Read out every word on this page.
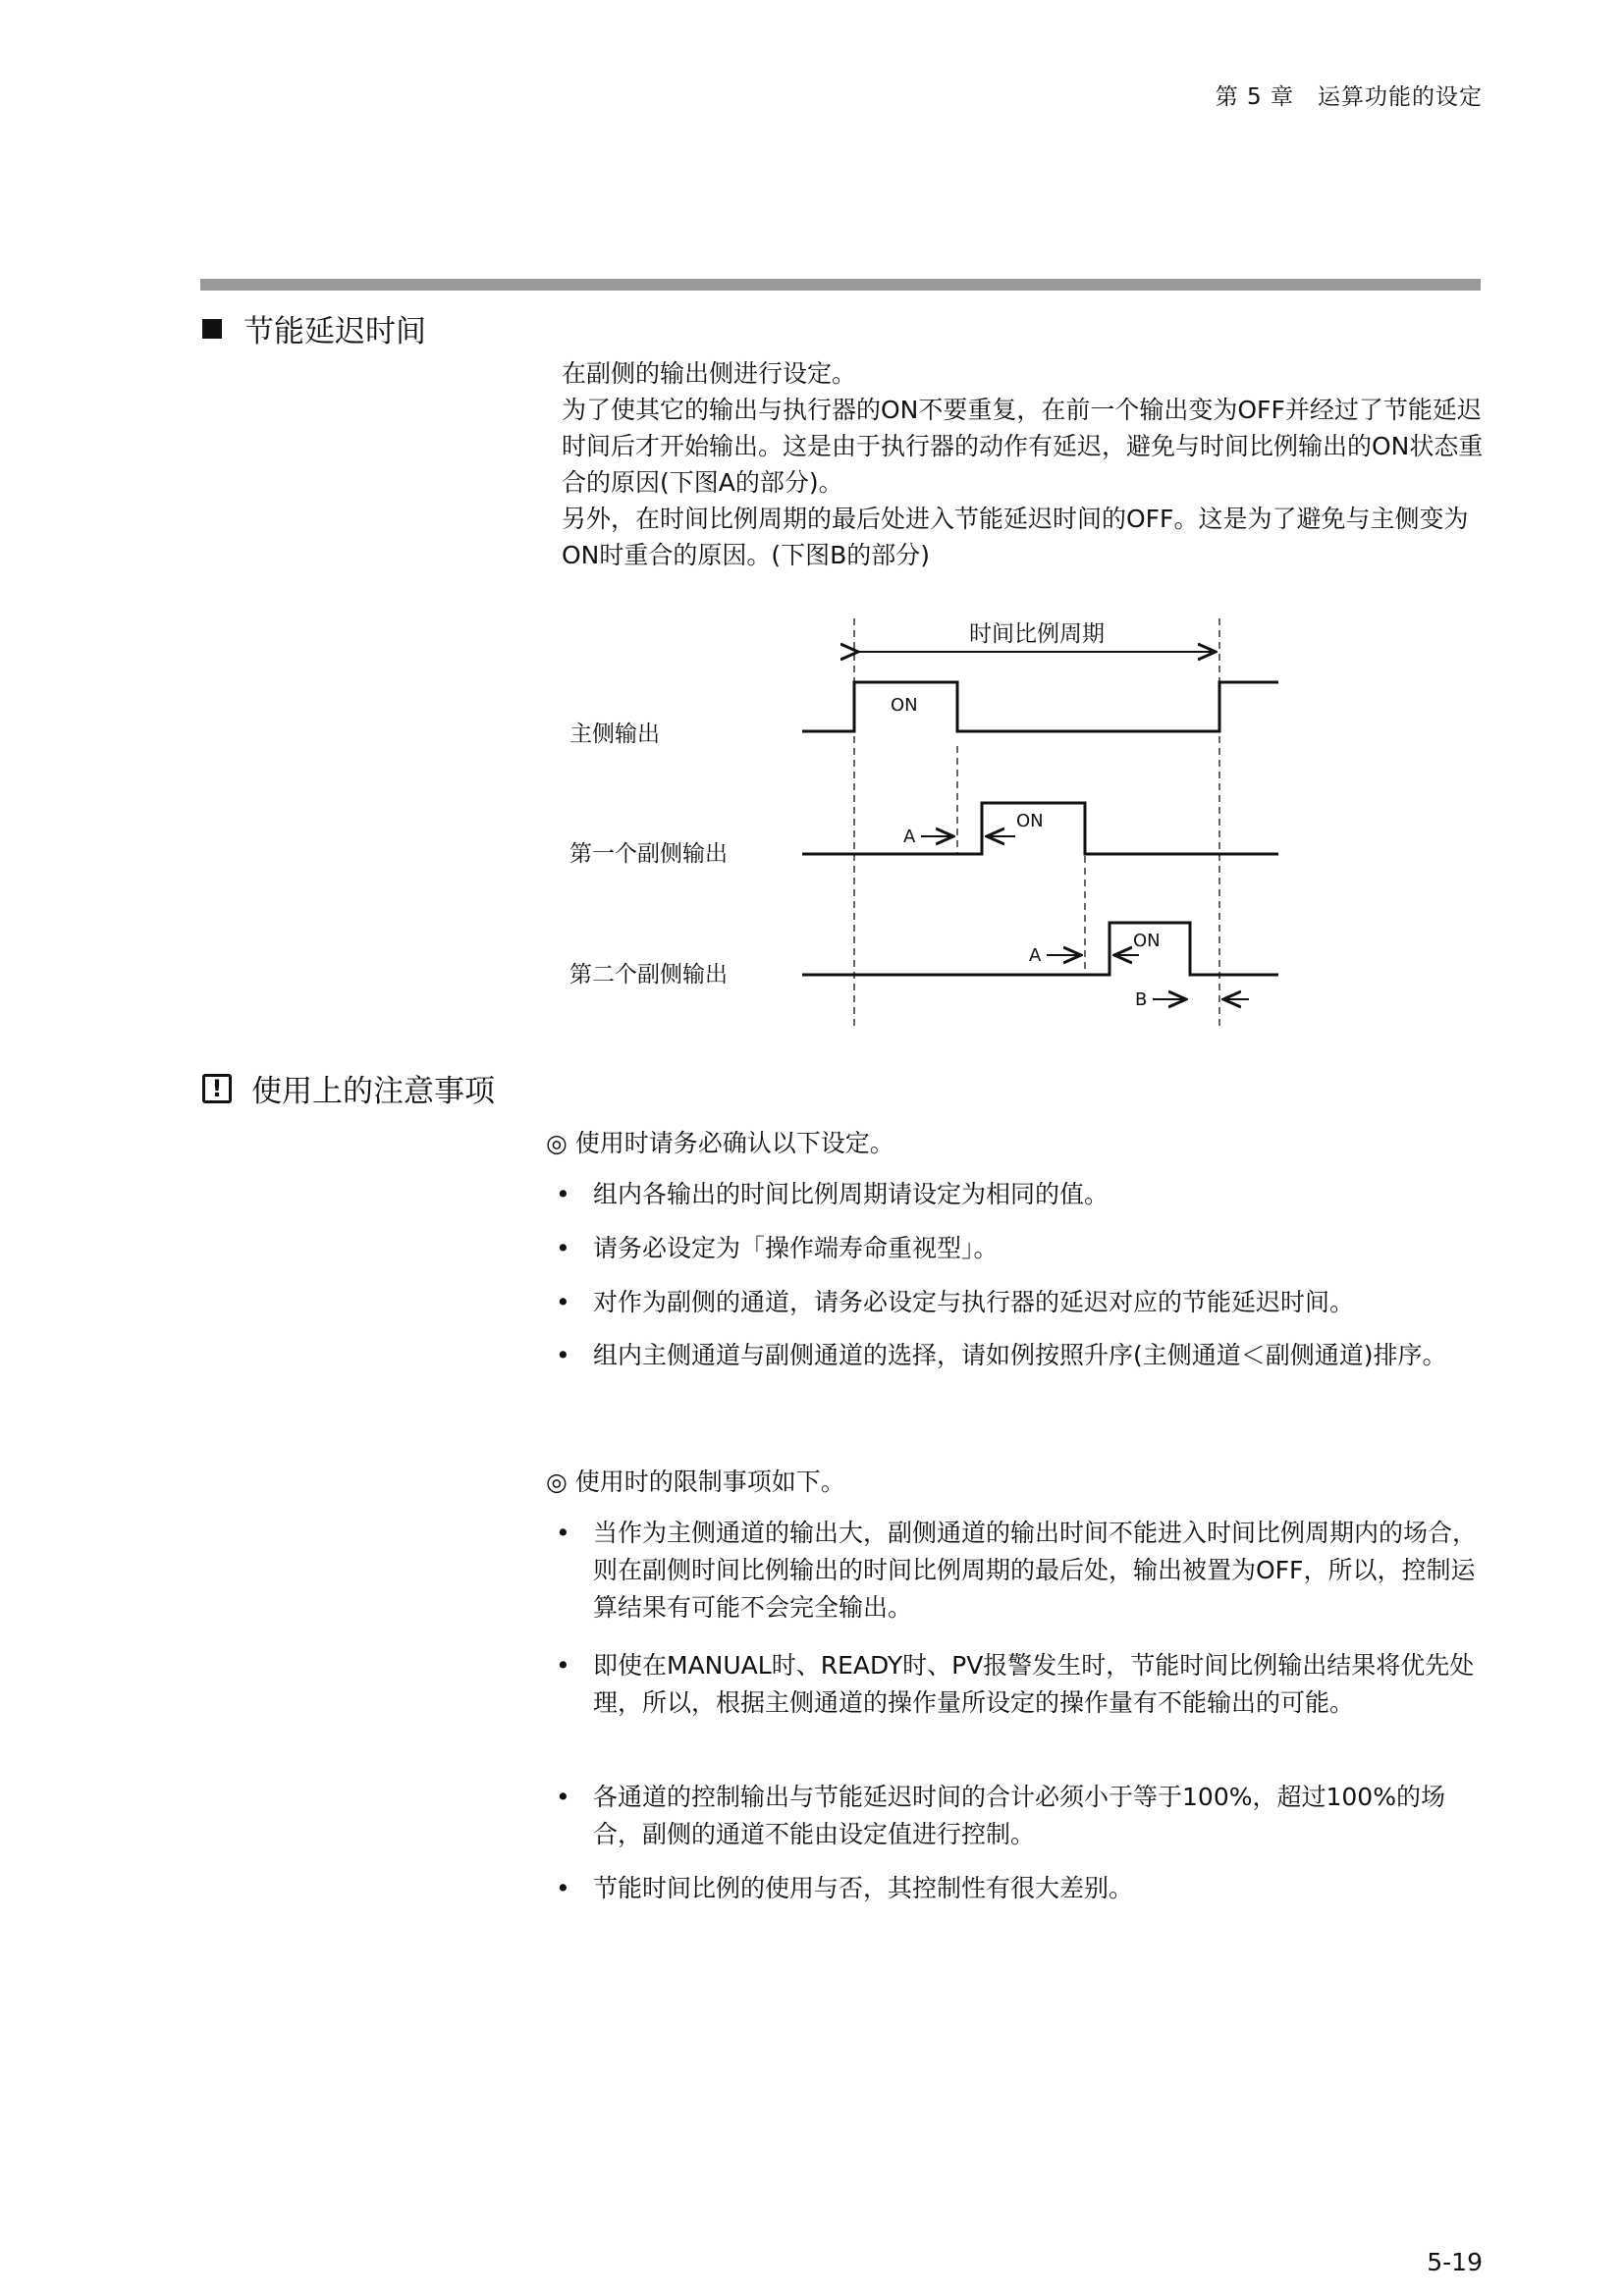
第 5 章　运算功能的设定
节能延迟时间

在副侧的输出侧进行设定。

为了使其它的输出与执行器的ON不要重复，在前一个输出变为OFF并经过了节能延迟时间后才开始输出。这是由于执行器的动作有延迟，避免与时间比例输出的ON状态重合的原因(下图A的部分)。

另外，在时间比例周期的最后处进入节能延迟时间的OFF。这是为了避免与主侧变为ON时重合的原因。(下图B的部分)

时间比例周期
主侧输出
第一个副侧输出
第二个副侧输出
ON
ON
ON
A
A
B
! 使用上的注意事项
◎ 使用时请务必确认以下设定。
• 组内各输出的时间比例周期请设定为相同的值。
• 请务必设定为「操作端寿命重视型」。
• 对作为副侧的通道，请务必设定与执行器的延迟对应的节能延迟时间。
• 组内主侧通道与副侧通道的选择，请如例按照升序(主侧通道＜副侧通道)排序。
◎ 使用时的限制事项如下。
• 当作为主侧通道的输出大，副侧通道的输出时间不能进入时间比例周期内的场合，则在副侧时间比例输出的时间比例周期的最后处，输出被置为OFF，所以，控制运算结果有可能不会完全输出。
• 即使在MANUAL时、READY时、PV报警发生时，节能时间比例输出结果将优先处理，所以，根据主侧通道的操作量所设定的操作量有不能输出的可能。
• 各通道的控制输出与节能延迟时间的合计必须小于等于100%，超过100%的场合，副侧的通道不能由设定值进行控制。
• 节能时间比例的使用与否，其控制性有很大差别。
5-19
